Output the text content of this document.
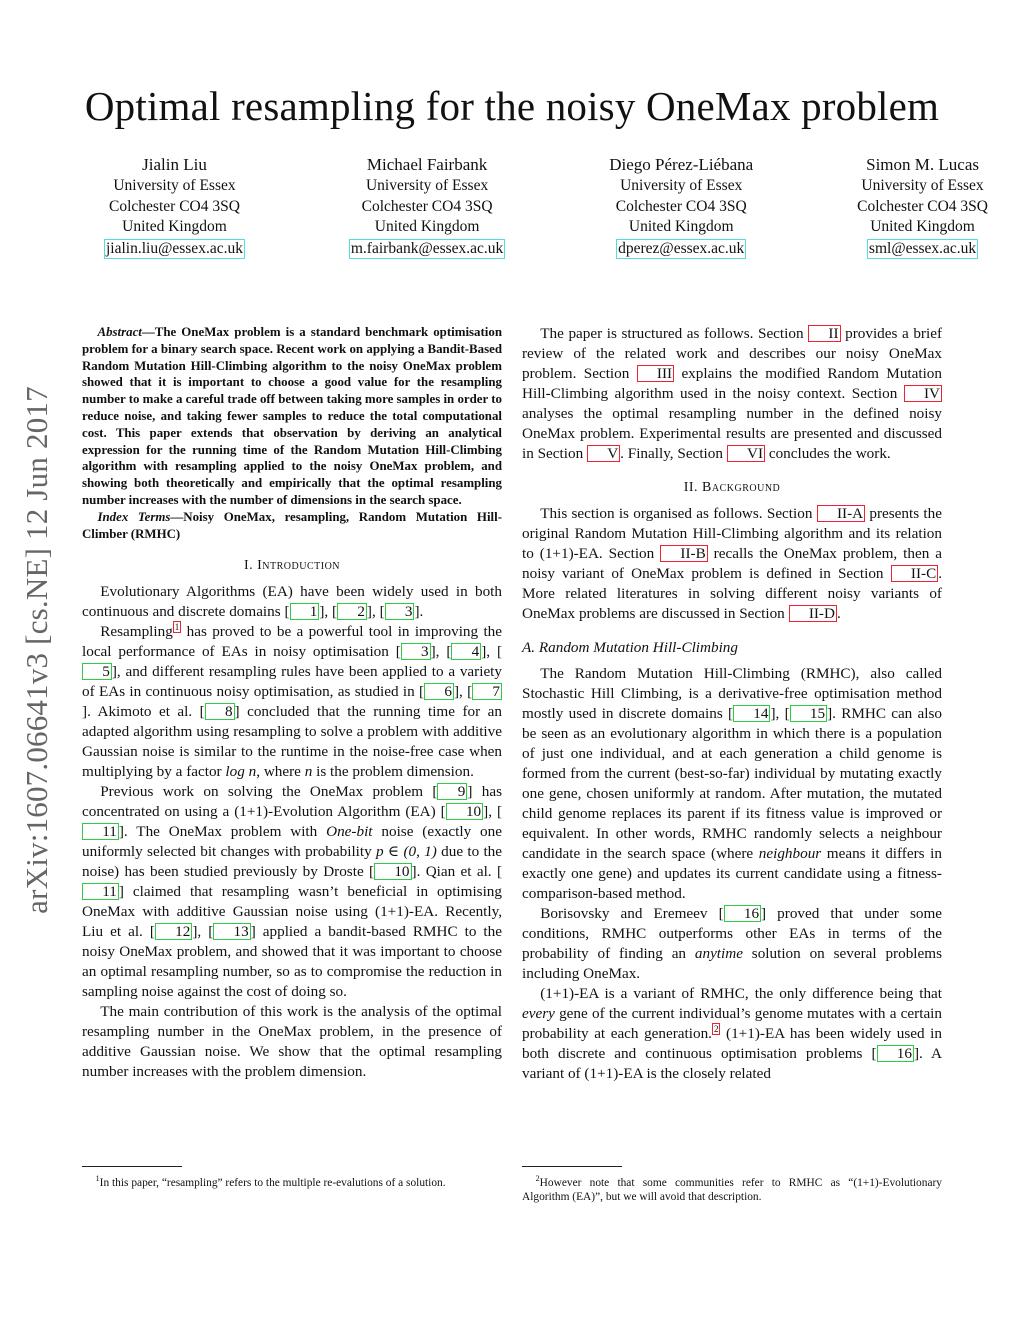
arXiv:1607.06641v3 [cs.NE] 12 Jun 2017
Optimal resampling for the noisy OneMax problem
Jialin Liu
University of Essex
Colchester CO4 3SQ
United Kingdom
jialin.liu@essex.ac.uk
Michael Fairbank
University of Essex
Colchester CO4 3SQ
United Kingdom
m.fairbank@essex.ac.uk
Diego Pérez-Liébana
University of Essex
Colchester CO4 3SQ
United Kingdom
dperez@essex.ac.uk
Simon M. Lucas
University of Essex
Colchester CO4 3SQ
United Kingdom
sml@essex.ac.uk
Abstract—The OneMax problem is a standard benchmark optimisation problem for a binary search space. Recent work on applying a Bandit-Based Random Mutation Hill-Climbing algorithm to the noisy OneMax problem showed that it is important to choose a good value for the resampling number to make a careful trade off between taking more samples in order to reduce noise, and taking fewer samples to reduce the total computational cost. This paper extends that observation by deriving an analytical expression for the running time of the Random Mutation Hill-Climbing algorithm with resampling applied to the noisy OneMax problem, and showing both theoretically and empirically that the optimal resampling number increases with the number of dimensions in the search space.
Index Terms—Noisy OneMax, resampling, Random Mutation Hill-Climber (RMHC)
I. Introduction

Evolutionary Algorithms (EA) have been widely used in both continuous and discrete domains [ 1 ], [ 2 ], [ 3 ].

Resampling $^1$ has proved to be a powerful tool in improving the local performance of EAs in noisy optimisation [ 3 ], [ 4 ], [5 ], and different resampling rules have been applied to a variety of EAs in continuous noisy optimisation, as studied in [ 6 ], [ 7]. Akimoto et al. [ 8 ] concluded that the running time for an adapted algorithm using resampling to solve a problem with additive Gaussian noise is similar to the runtime in the noise-free case when multiplying by a factor log n, where n is the problem dimension.

Previous work on solving the OneMax problem [ 9 ] has concentrated on using a (1+1)-Evolution Algorithm (EA) [ 10 ], [11 ]. The OneMax problem with One-bit noise (exactly one uniformly selected bit changes with probability p ∈ (0, 1) due to the noise) has been studied previously by Droste [ 10 ]. Qian et al. [11 ] claimed that resampling wasn’t beneficial in optimising OneMax with additive Gaussian noise using (1+1)-EA. Recently, Liu et al. [ 12 ], [ 13 ] applied a bandit-based RMHC to the noisy OneMax problem, and showed that it was important to choose an optimal resampling number, so as to compromise the reduction in sampling noise against the cost of doing so.

The main contribution of this work is the analysis of the optimal resampling number in the OneMax problem, in the presence of additive Gaussian noise. We show that the optimal resampling number increases with the problem dimension.

$^1$In this paper, “resampling” refers to the multiple re-evalutions of a solution.

The paper is structured as follows. Section II provides a brief review of the related work and describes our noisy OneMax problem. Section III explains the modified Random Mutation Hill-Climbing algorithm used in the noisy context. Section IV analyses the optimal resampling number in the defined noisy OneMax problem. Experimental results are presented and discussed in Section V . Finally, Section VI concludes the work.

II. Background

This section is organised as follows. Section II-A presents the original Random Mutation Hill-Climbing algorithm and its relation to (1+1)-EA. Section II-B recalls the OneMax problem, then a noisy variant of OneMax problem is defined in Section II-C . More related literatures in solving different noisy variants of OneMax problems are discussed in Section II-D .

A. Random Mutation Hill-Climbing

The Random Mutation Hill-Climbing (RMHC), also called Stochastic Hill Climbing, is a derivative-free optimisation method mostly used in discrete domains [ 14 ], [ 15 ]. RMHC can also be seen as an evolutionary algorithm in which there is a population of just one individual, and at each generation a child genome is formed from the current (best-so-far) individual by mutating exactly one gene, chosen uniformly at random. After mutation, the mutated child genome replaces its parent if its fitness value is improved or equivalent. In other words, RMHC randomly selects a neighbour candidate in the search space (where neighbour means it differs in exactly one gene) and updates its current candidate using a fitness-comparison-based method.

Borisovsky and Eremeev [ 16 ] proved that under some conditions, RMHC outperforms other EAs in terms of the probability of finding an anytime solution on several problems including OneMax.

(1+1)-EA is a variant of RMHC, the only difference being that every gene of the current individual’s genome mutates with a certain probability at each generation. $^2$ (1+1)-EA has been widely used in both discrete and continuous optimisation problems [ 16 ]. A variant of (1+1)-EA is the closely related

$^2$However note that some communities refer to RMHC as “(1+1)-Evolutionary Algorithm (EA)”, but we will avoid that description.
